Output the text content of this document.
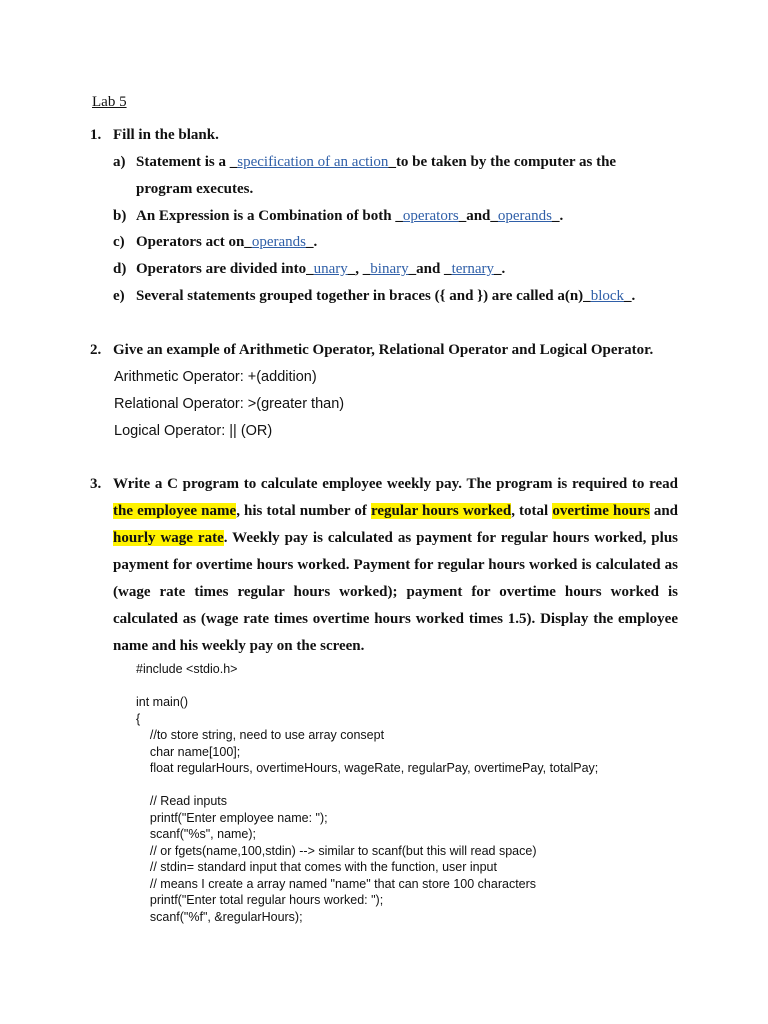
Lab 5
1. Fill in the blank.
a) Statement is a _specification of an action_to be taken by the computer as the
program executes.
b) An Expression is a Combination of both _operators_and_operands_.
c) Operators act on_operands_.
d) Operators are divided into_unary_, _binary_and _ternary_.
e) Several statements grouped together in braces ({ and }) are called a(n)_block_.
2. Give an example of Arithmetic Operator, Relational Operator and Logical Operator.
Arithmetic Operator: +(addition)
Relational Operator: >(greater than)
Logical Operator: || (OR)
3. Write a C program to calculate employee weekly pay. The program is required to read
the employee name, his total number of regular hours worked, total overtime hours and
hourly wage rate. Weekly pay is calculated as payment for regular hours worked, plus
payment for overtime hours worked. Payment for regular hours worked is calculated as
(wage rate times regular hours worked); payment for overtime hours worked is
calculated as (wage rate times overtime hours worked times 1.5). Display the employee
name and his weekly pay on the screen.
#include <stdio.h>
int main()
{
//to store string, need to use array consept
char name[100];
float regularHours, overtimeHours, wageRate, regularPay, overtimePay, totalPay;
// Read inputs
printf("Enter employee name: ");
scanf("%s", name);
// or fgets(name,100,stdin) --> similar to scanf(but this will read space)
// stdin= standard input that comes with the function, user input
// means I create a array named "name" that can store 100 characters
printf("Enter total regular hours worked: ");
scanf("%f", &regularHours);
